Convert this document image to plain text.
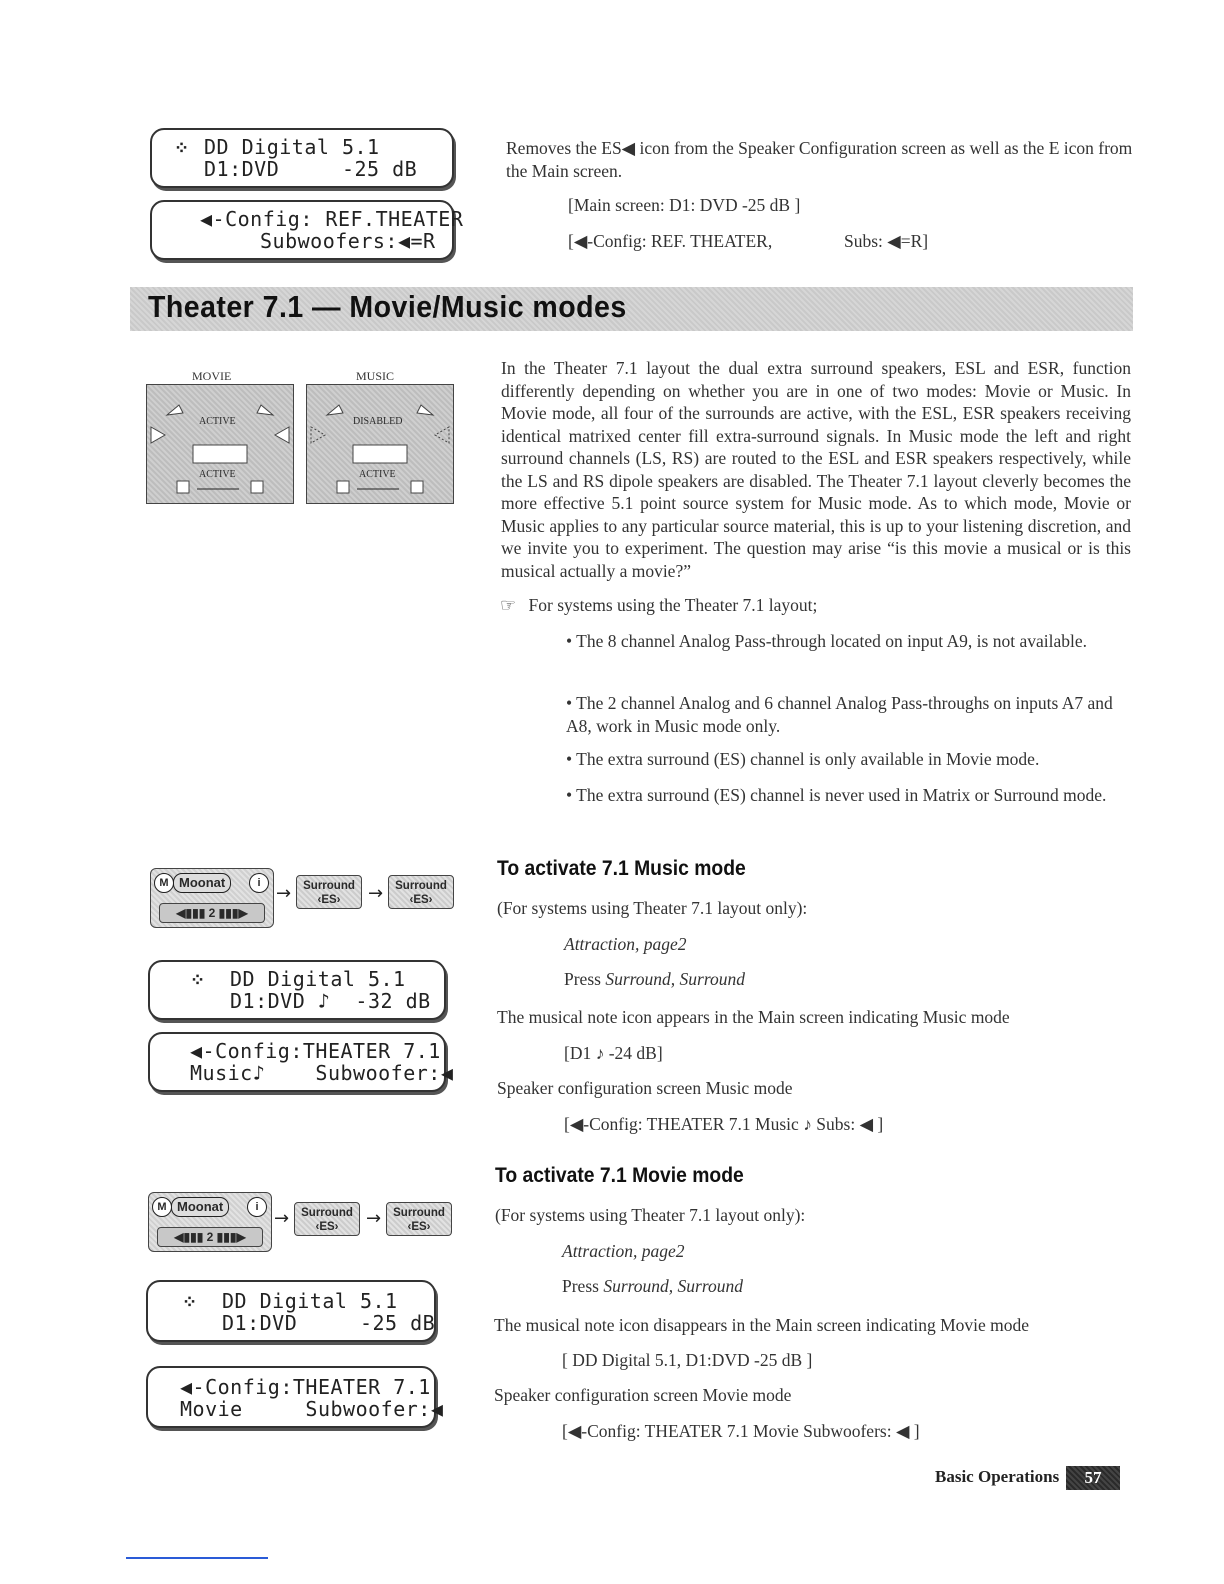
⁘ DD Digital 5.1
D1:DVD     -25 dB
◀-Config: REF.THEATER
Subwoofers:◀=R
Removes the ES◀ icon from the Speaker Configuration screen as well as the E icon from the Main screen.
[Main screen: D1: DVD -25 dB ]
[◀-Config: REF. THEATER,	Subs: ◀=R]
Theater 7.1 — Movie/Music modes
MOVIE
ACTIVE
ACTIVE
MUSIC
DISABLED
ACTIVE
In the Theater 7.1 layout the dual extra surround speakers, ESL and ESR, function differently depending on whether you are in one of two modes: Movie or Music. In Movie mode, all four of the surrounds are active, with the ESL, ESR speakers receiving identical matrixed center fill extra-surround signals. In Music mode the left and right surround channels (LS, RS) are routed to the ESL and ESR speakers respectively, while the LS and RS dipole speakers are disabled. The Theater 7.1 layout cleverly becomes the more effective 5.1 point source system for Music mode. As to which mode, Movie or Music applies to any particular source material, this is up to your listening discretion, and we invite you to experiment. The question may arise “is this movie a musical or is this musical actually a movie?”
☞ For systems using the Theater 7.1 layout;
• The 8 channel Analog Pass-through located on input A9, is not available.
• The 2 channel Analog and 6 channel Analog Pass-throughs on inputs A7 and A8, work in Music mode only.
• The extra surround (ES) channel is only available in Movie mode.
• The extra surround (ES) channel is never used in Matrix or Surround mode.
M Moonat	i
◀▮▮▮ 2 ▮▮▮▶
→	Surround
‹ES›	→	Surround
‹ES›
⁘ DD Digital 5.1
D1:DVD ♪  -32 dB
◀-Config:THEATER 7.1
Music♪    Subwoofer:◀
To activate 7.1 Music mode
(For systems using Theater 7.1 layout only):
Attraction, page2
Press Surround, Surround
The musical note icon appears in the Main screen indicating Music mode
[D1 ♪ -24 dB]
Speaker configuration screen Music mode
[◀-Config: THEATER 7.1 Music ♪ Subs: ◀ ]
M Moonat	i
◀▮▮▮ 2 ▮▮▮▶
→	Surround
‹ES›	→	Surround
‹ES›
⁘ DD Digital 5.1
D1:DVD     -25 dB
◀-Config:THEATER 7.1
Movie     Subwoofer:◀
To activate 7.1 Movie mode
(For systems using Theater 7.1 layout only):
Attraction, page2
Press Surround, Surround
The musical note icon disappears in the Main screen indicating Movie mode
[ DD Digital 5.1, D1:DVD -25 dB ]
Speaker configuration screen Movie mode
[◀-Config: THEATER 7.1 Movie Subwoofers: ◀ ]
Basic Operations	57
